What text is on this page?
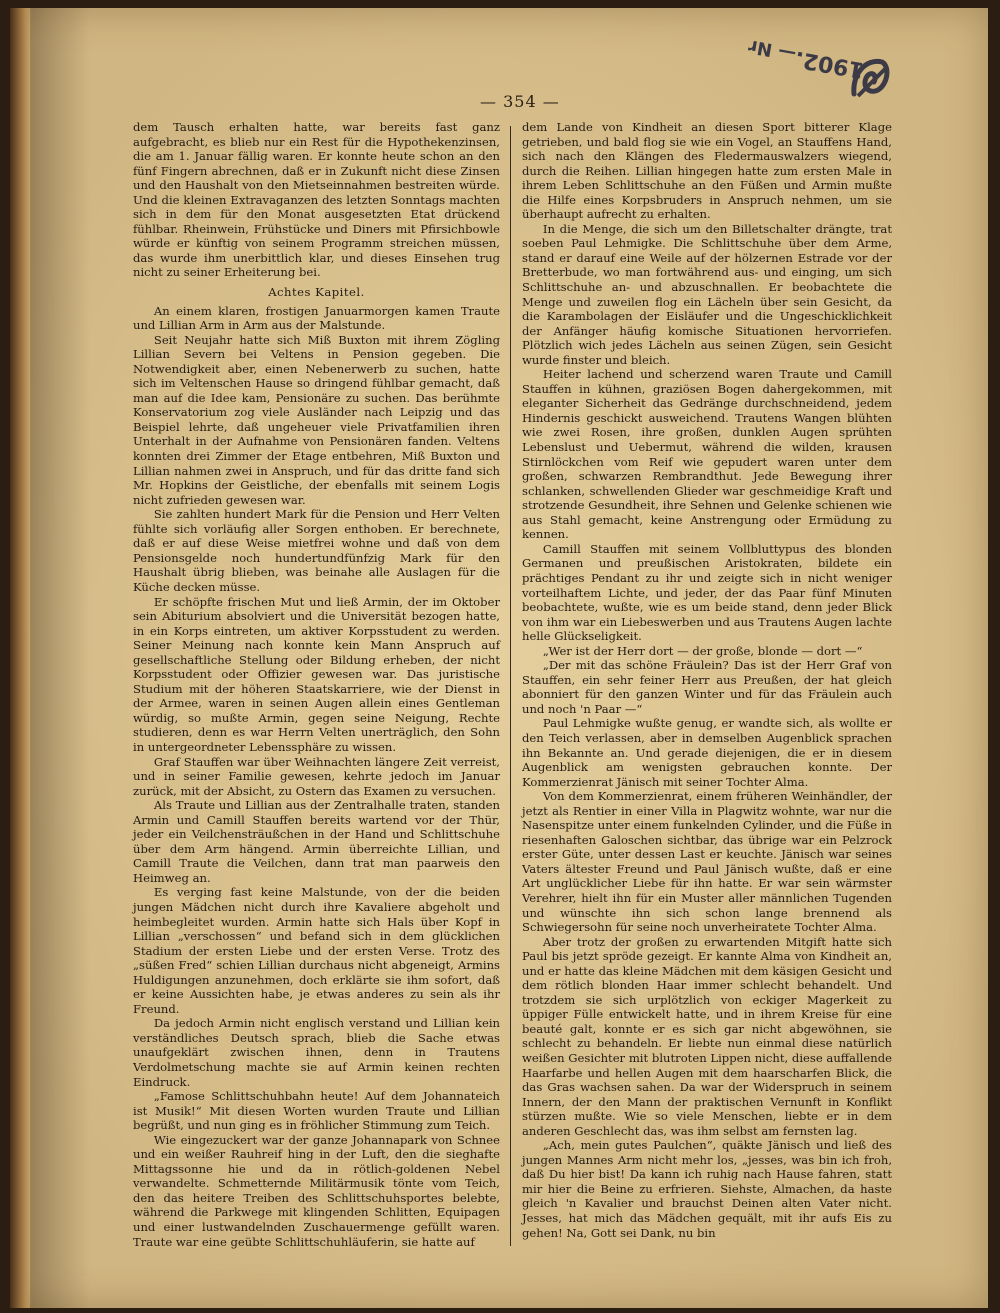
— 354 —
— Nr
1902.

dem Tausch erhalten hatte, war bereits fast ganz aufgebracht, es blieb nur ein Rest für die Hypothekenzinsen, die am 1. Januar fällig waren. Er konnte heute schon an den fünf Fingern abrechnen, daß er in Zukunft nicht diese Zinsen und den Haushalt von den Mietseinnahmen bestreiten würde. Und die kleinen Extravaganzen des letzten Sonntags machten sich in dem für den Monat ausgesetzten Etat drückend fühlbar. Rheinwein, Frühstücke und Diners mit Pfirsichbowle würde er künftig von seinem Programm streichen müssen, das wurde ihm unerbittlich klar, und dieses Einsehen trug nicht zu seiner Erheiterung bei.

Achtes Kapitel.

An einem klaren, frostigen Januarmorgen kamen Traute und Lillian Arm in Arm aus der Malstunde.

Seit Neujahr hatte sich Miß Buxton mit ihrem Zögling Lillian Severn bei Veltens in Pension gegeben. Die Notwendigkeit aber, einen Nebenerwerb zu suchen, hatte sich im Veltenschen Hause so dringend fühlbar gemacht, daß man auf die Idee kam, Pensionäre zu suchen. Das berühmte Konservatorium zog viele Ausländer nach Leipzig und das Beispiel lehrte, daß ungeheuer viele Privatfamilien ihren Unterhalt in der Aufnahme von Pensionären fanden. Veltens konnten drei Zimmer der Etage entbehren, Miß Buxton und Lillian nahmen zwei in Anspruch, und für das dritte fand sich Mr. Hopkins der Geistliche, der ebenfalls mit seinem Logis nicht zufrieden gewesen war.

Sie zahlten hundert Mark für die Pension und Herr Velten fühlte sich vorläufig aller Sorgen enthoben. Er berechnete, daß er auf diese Weise mietfrei wohne und daß von dem Pensionsgelde noch hundertundfünfzig Mark für den Haushalt übrig blieben, was beinahe alle Auslagen für die Küche decken müsse.

Er schöpfte frischen Mut und ließ Armin, der im Oktober sein Abiturium absolviert und die Universität bezogen hatte, in ein Korps eintreten, um aktiver Korpsstudent zu werden. Seiner Meinung nach konnte kein Mann Anspruch auf gesellschaftliche Stellung oder Bildung erheben, der nicht Korpsstudent oder Offizier gewesen war. Das juristische Studium mit der höheren Staatskarriere, wie der Dienst in der Armee, waren in seinen Augen allein eines Gentleman würdig, so mußte Armin, gegen seine Neigung, Rechte studieren, denn es war Herrn Velten unerträglich, den Sohn in untergeordneter Lebenssphäre zu wissen.

Graf Stauffen war über Weihnachten längere Zeit verreist, und in seiner Familie gewesen, kehrte jedoch im Januar zurück, mit der Absicht, zu Ostern das Examen zu versuchen.

Als Traute und Lillian aus der Zentralhalle traten, standen Armin und Camill Stauffen bereits wartend vor der Thür, jeder ein Veilchensträußchen in der Hand und Schlittschuhe über dem Arm hängend. Armin überreichte Lillian, und Camill Traute die Veilchen, dann trat man paarweis den Heimweg an.

Es verging fast keine Malstunde, von der die beiden jungen Mädchen nicht durch ihre Kavaliere abgeholt und heimbegleitet wurden. Armin hatte sich Hals über Kopf in Lillian „verschossen“ und befand sich in dem glücklichen Stadium der ersten Liebe und der ersten Verse. Trotz des „süßen Fred“ schien Lillian durchaus nicht abgeneigt, Armins Huldigungen anzunehmen, doch erklärte sie ihm sofort, daß er keine Aussichten habe, je etwas anderes zu sein als ihr Freund.

Da jedoch Armin nicht englisch verstand und Lillian kein verständliches Deutsch sprach, blieb die Sache etwas unaufgeklärt zwischen ihnen, denn in Trautens Verdolmetschung machte sie auf Armin keinen rechten Eindruck.

„Famose Schlittschuhbahn heute! Auf dem Johannateich ist Musik!“ Mit diesen Worten wurden Traute und Lillian begrüßt, und nun ging es in fröhlicher Stimmung zum Teich.

Wie eingezuckert war der ganze Johannapark von Schnee und ein weißer Rauhreif hing in der Luft, den die sieghafte Mittagssonne hie und da in rötlich-goldenen Nebel verwandelte. Schmetternde Militärmusik tönte vom Teich, den das heitere Treiben des Schlittschuhsportes belebte, während die Parkwege mit klingenden Schlitten, Equipagen und einer lustwandelnden Zuschauermenge gefüllt waren. Traute war eine geübte Schlittschuhläuferin, sie hatte auf

dem Lande von Kindheit an diesen Sport bitterer Klage getrieben, und bald flog sie wie ein Vogel, an Stauffens Hand, sich nach den Klängen des Fledermauswalzers wiegend, durch die Reihen. Lillian hingegen hatte zum ersten Male in ihrem Leben Schlittschuhe an den Füßen und Armin mußte die Hilfe eines Korpsbruders in Anspruch nehmen, um sie überhaupt aufrecht zu erhalten.

In die Menge, die sich um den Billetschalter drängte, trat soeben Paul Lehmigke. Die Schlittschuhe über dem Arme, stand er darauf eine Weile auf der hölzernen Estrade vor der Bretterbude, wo man fortwährend aus- und einging, um sich Schlittschuhe an- und abzuschnallen. Er beobachtete die Menge und zuweilen flog ein Lächeln über sein Gesicht, da die Karambolagen der Eisläufer und die Ungeschicklichkeit der Anfänger häufig komische Situationen hervorriefen. Plötzlich wich jedes Lächeln aus seinen Zügen, sein Gesicht wurde finster und bleich.

Heiter lachend und scherzend waren Traute und Camill Stauffen in kühnen, graziösen Bogen dahergekommen, mit eleganter Sicherheit das Gedränge durchschneidend, jedem Hindernis geschickt ausweichend. Trautens Wangen blühten wie zwei Rosen, ihre großen, dunklen Augen sprühten Lebenslust und Uebermut, während die wilden, krausen Stirnlöckchen vom Reif wie gepudert waren unter dem großen, schwarzen Rembrandthut. Jede Bewegung ihrer schlanken, schwellenden Glieder war geschmeidige Kraft und strotzende Gesundheit, ihre Sehnen und Gelenke schienen wie aus Stahl gemacht, keine Anstrengung oder Ermüdung zu kennen.

Camill Stauffen mit seinem Vollbluttypus des blonden Germanen und preußischen Aristokraten, bildete ein prächtiges Pendant zu ihr und zeigte sich in nicht weniger vorteilhaftem Lichte, und jeder, der das Paar fünf Minuten beobachtete, wußte, wie es um beide stand, denn jeder Blick von ihm war ein Liebeswerben und aus Trautens Augen lachte helle Glückseligkeit.

„Wer ist der Herr dort — der große, blonde — dort —“

„Der mit das schöne Fräulein? Das ist der Herr Graf von Stauffen, ein sehr feiner Herr aus Preußen, der hat gleich abonniert für den ganzen Winter und für das Fräulein auch und noch 'n Paar —“

Paul Lehmigke wußte genug, er wandte sich, als wollte er den Teich verlassen, aber in demselben Augenblick sprachen ihn Bekannte an. Und gerade diejenigen, die er in diesem Augenblick am wenigsten gebrauchen konnte. Der Kommerzienrat Jänisch mit seiner Tochter Alma.

Von dem Kommerzienrat, einem früheren Weinhändler, der jetzt als Rentier in einer Villa in Plagwitz wohnte, war nur die Nasenspitze unter einem funkelnden Cylinder, und die Füße in riesenhaften Galoschen sichtbar, das übrige war ein Pelzrock erster Güte, unter dessen Last er keuchte. Jänisch war seines Vaters ältester Freund und Paul Jänisch wußte, daß er eine Art unglücklicher Liebe für ihn hatte. Er war sein wärmster Verehrer, hielt ihn für ein Muster aller männlichen Tugenden und wünschte ihn sich schon lange brennend als Schwiegersohn für seine noch unverheiratete Tochter Alma.

Aber trotz der großen zu erwartenden Mitgift hatte sich Paul bis jetzt spröde gezeigt. Er kannte Alma von Kindheit an, und er hatte das kleine Mädchen mit dem käsigen Gesicht und dem rötlich blonden Haar immer schlecht behandelt. Und trotzdem sie sich urplötzlich von eckiger Magerkeit zu üppiger Fülle entwickelt hatte, und in ihrem Kreise für eine beauté galt, konnte er es sich gar nicht abgewöhnen, sie schlecht zu behandeln. Er liebte nun einmal diese natürlich weißen Gesichter mit blutroten Lippen nicht, diese auffallende Haarfarbe und hellen Augen mit dem haarscharfen Blick, die das Gras wachsen sahen. Da war der Widerspruch in seinem Innern, der den Mann der praktischen Vernunft in Konflikt stürzen mußte. Wie so viele Menschen, liebte er in dem anderen Geschlecht das, was ihm selbst am fernsten lag.

„Ach, mein gutes Paulchen“, quäkte Jänisch und ließ des jungen Mannes Arm nicht mehr los, „jesses, was bin ich froh, daß Du hier bist! Da kann ich ruhig nach Hause fahren, statt mir hier die Beine zu erfrieren. Siehste, Almachen, da haste gleich 'n Kavalier und brauchst Deinen alten Vater nicht. Jesses, hat mich das Mädchen gequält, mit ihr aufs Eis zu gehen! Na, Gott sei Dank, nu bin
